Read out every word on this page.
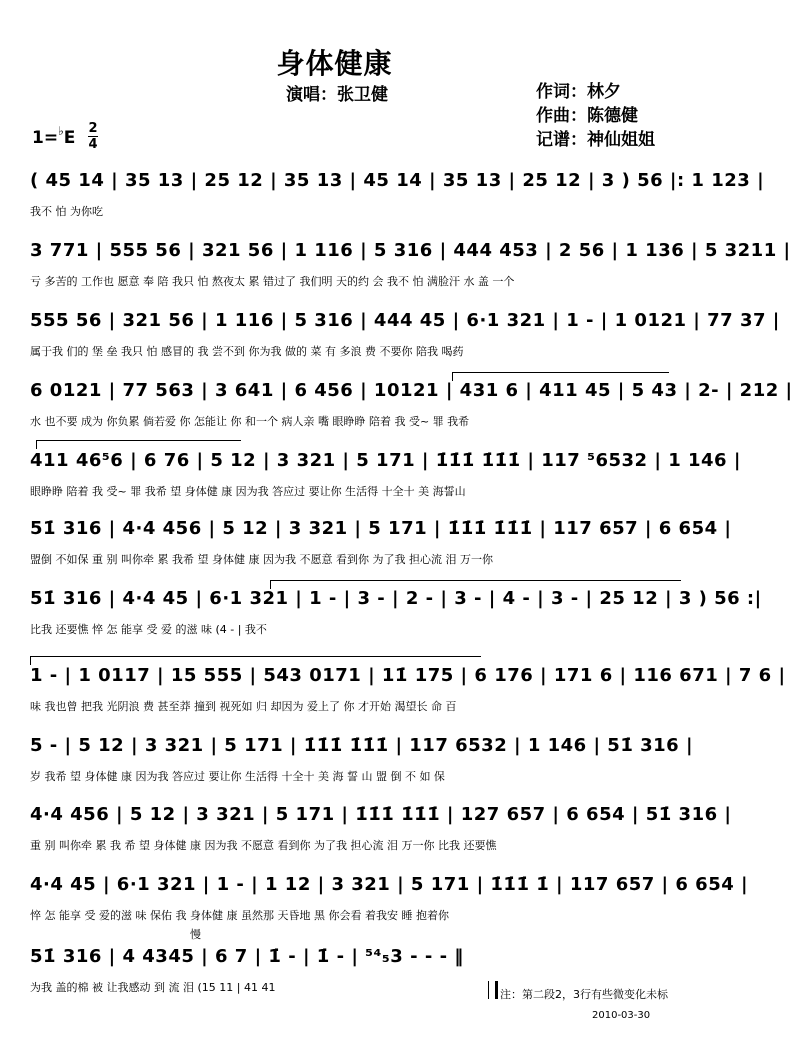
身体健康
演唱：张卫健	作词：林夕
作曲：陈德健
记谱：神仙姐姐
1=♭E 2
4
( 45 14 | 35 13 | 25 12 | 35 13 | 45 14 | 35 13 | 25 12 | 3 ) 56 |: 1 123 |
我不 怕 为你吃
3 771 | 555 56 | 321 56 | 1 116 | 5 316 | 444 453 | 2 56 | 1 136 | 5 3211 |
亏 多苦的 工作也 愿意 奉 陪 我只 怕 熬夜太 累 错过了 我们明 天的约 会 我不 怕 满脸汗 水 盖 一个
555 56 | 321 56 | 1 116 | 5 316 | 444 45 | 6·1 321 | 1 - | 1 0121 | 77 37 |
属于我 们的 堡 垒 我只 怕 感冒的 我 尝不到 你为我 做的 菜 有 多浪 费 不要你 陪我 喝药
6 0121 | 77 563 | 3 641 | 6 456 | 10121 | 431 6 | 411 45 | 5 43 | 2- | 212 |
水 也不要 成为 你负累 倘若爱 你 怎能让 你 和一个 病人亲 嘴 眼睁睁 陪着 我 受~ 罪 我希
411 46⁵6 | 6 76 | 5 12 | 3 321 | 5 171 | 1̇1̇1̇ 1̇1̇1̇ | 117 ⁵6532 | 1 146 |
眼睁睁 陪着 我 受~ 罪 我希 望 身体健 康 因为我 答应过 要让你 生活得 十全十 美 海誓山
51̇ 316 | 4·4 456 | 5 12 | 3 321 | 5 171 | 1̇1̇1̇ 1̇1̇1̇ | 117 657 | 6 654 |
盟倒 不如保 重 别 叫你牵 累 我希 望 身体健 康 因为我 不愿意 看到你 为了我 担心流 泪 万一你
51̇ 316 | 4·4 45 | 6·1 321 | 1 - | 3 - | 2 - | 3 - | 4 - | 3 - | 25 12 | 3 ) 56 :|
比我 还要憔 悴 怎 能享 受 爱 的滋 味 (4 - | 我不
1 - | 1 0117 | 15 555 | 543 0171 | 11̇ 175 | 6 176 | 171 6 | 116 671 | 7 6 |
味 我也曾 把我 光阴浪 费 甚至莽 撞到 视死如 归 却因为 爱上了 你 才开始 渴望长 命 百
5 - | 5 12 | 3 321 | 5 171 | 1̇1̇1̇ 1̇1̇1̇ | 117 6532 | 1 146 | 51̇ 316 |
岁 我希 望 身体健 康 因为我 答应过 要让你 生活得 十全十 美 海 誓 山 盟 倒 不 如 保
4·4 456 | 5 12 | 3 321 | 5 171 | 1̇1̇1̇ 1̇1̇1̇ | 127 657 | 6 654 | 51̇ 316 |
重 别 叫你牵 累 我 希 望 身体健 康 因为我 不愿意 看到你 为了我 担心流 泪 万一你 比我 还要憔
4·4 45 | 6·1 321 | 1 - | 1 12 | 3 321 | 5 171 | 1̇1̇1̇ 1̇ | 117 657 | 6 654 |
悴 怎 能享 受 爱的滋 味 保佑 我 身体健 康 虽然那 天昏地 黑 你会看 着我安 睡 抱着你
51̇ 316 | 4 4345 | 6 7 | 1̇ - | 1̇ - | ⁵⁴₅3 - - - ‖
为我 盖的棉 被 让我感动 到 流 泪 (15 11 | 41 41
慢
注：第二段2，3行有些微变化未标
2010-03-30
